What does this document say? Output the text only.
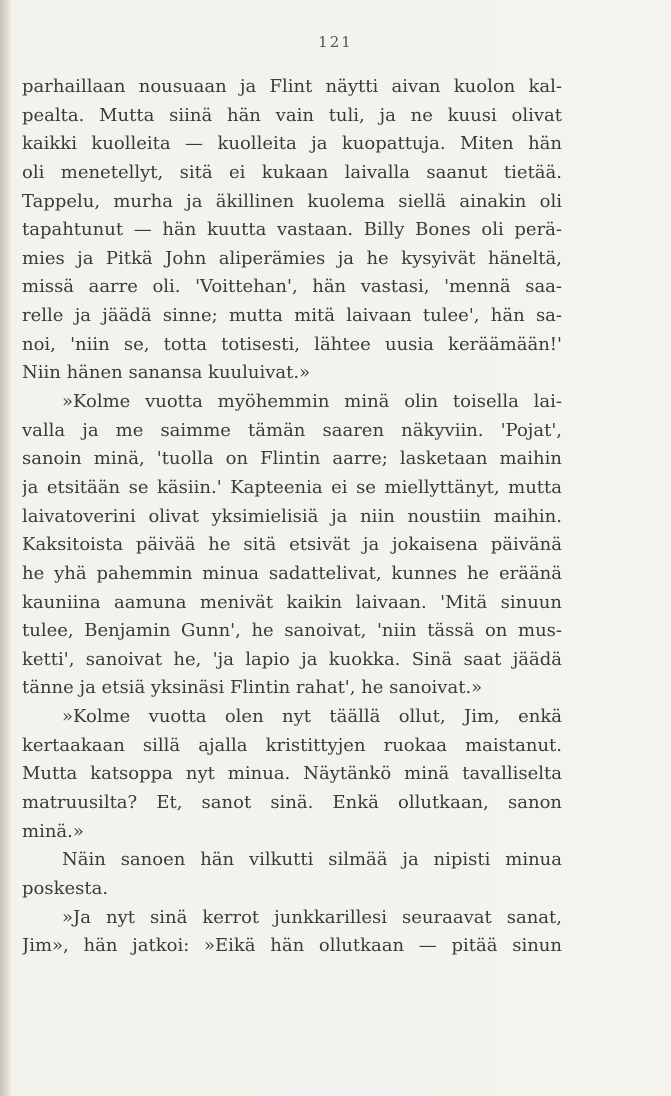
121
parhaillaan nousuaan ja Flint näytti aivan kuolon kal-
pealta. Mutta siinä hän vain tuli, ja ne kuusi olivat
kaikki kuolleita — kuolleita ja kuopattuja. Miten hän
oli menetellyt, sitä ei kukaan laivalla saanut tietää.
Tappelu, murha ja äkillinen kuolema siellä ainakin oli
tapahtunut — hän kuutta vastaan. Billy Bones oli perä-
mies ja Pitkä John aliperämies ja he kysyivät häneltä,
missä aarre oli. 'Voittehan', hän vastasi, 'mennä saa-
relle ja jäädä sinne; mutta mitä laivaan tulee', hän sa-
noi, 'niin se, totta totisesti, lähtee uusia keräämään!'
Niin hänen sanansa kuuluivat.»
»Kolme vuotta myöhemmin minä olin toisella lai-
valla ja me saimme tämän saaren näkyviin. 'Pojat',
sanoin minä, 'tuolla on Flintin aarre; lasketaan maihin
ja etsitään se käsiin.' Kapteenia ei se miellyttänyt, mutta
laivatoverini olivat yksimielisiä ja niin noustiin maihin.
Kaksitoista päivää he sitä etsivät ja jokaisena päivänä
he yhä pahemmin minua sadattelivat, kunnes he eräänä
kauniina aamuna menivät kaikin laivaan. 'Mitä sinuun
tulee, Benjamin Gunn', he sanoivat, 'niin tässä on mus-
ketti', sanoivat he, 'ja lapio ja kuokka. Sinä saat jäädä
tänne ja etsiä yksinäsi Flintin rahat', he sanoivat.»
»Kolme vuotta olen nyt täällä ollut, Jim, enkä
kertaakaan sillä ajalla kristittyjen ruokaa maistanut.
Mutta katsoppa nyt minua. Näytänkö minä tavalliselta
matruusilta? Et, sanot sinä. Enkä ollutkaan, sanon
minä.»
Näin sanoen hän vilkutti silmää ja nipisti minua
poskesta.
»Ja nyt sinä kerrot junkkarillesi seuraavat sanat,
Jim», hän jatkoi: »Eikä hän ollutkaan — pitää sinun
